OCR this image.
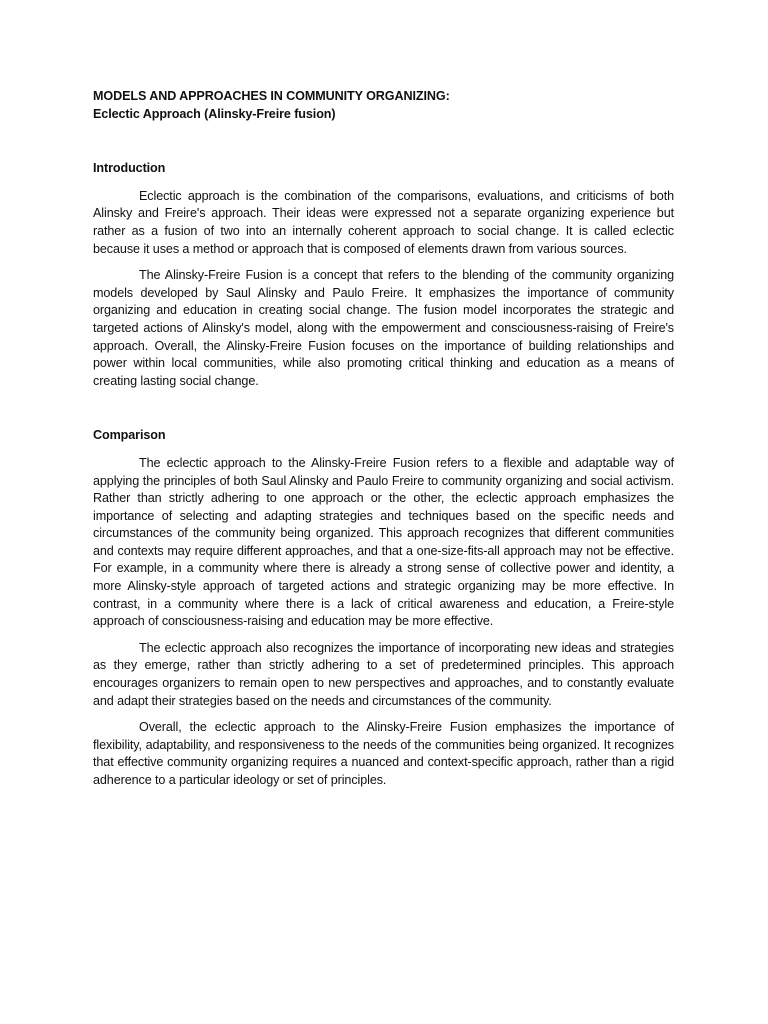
MODELS AND APPROACHES IN COMMUNITY ORGANIZING:

Eclectic Approach (Alinsky-Freire fusion)

Introduction

Eclectic approach is the combination of the comparisons, evaluations, and criticisms of both Alinsky and Freire's approach. Their ideas were expressed not a separate organizing experience but rather as a fusion of two into an internally coherent approach to social change. It is called eclectic because it uses a method or approach that is composed of elements drawn from various sources.

The Alinsky-Freire Fusion is a concept that refers to the blending of the community organizing models developed by Saul Alinsky and Paulo Freire. It emphasizes the importance of community organizing and education in creating social change. The fusion model incorporates the strategic and targeted actions of Alinsky's model, along with the empowerment and consciousness-raising of Freire's approach. Overall, the Alinsky-Freire Fusion focuses on the importance of building relationships and power within local communities, while also promoting critical thinking and education as a means of creating lasting social change.

Comparison

The eclectic approach to the Alinsky-Freire Fusion refers to a flexible and adaptable way of applying the principles of both Saul Alinsky and Paulo Freire to community organizing and social activism. Rather than strictly adhering to one approach or the other, the eclectic approach emphasizes the importance of selecting and adapting strategies and techniques based on the specific needs and circumstances of the community being organized. This approach recognizes that different communities and contexts may require different approaches, and that a one-size-fits-all approach may not be effective. For example, in a community where there is already a strong sense of collective power and identity, a more Alinsky-style approach of targeted actions and strategic organizing may be more effective. In contrast, in a community where there is a lack of critical awareness and education, a Freire-style approach of consciousness-raising and education may be more effective.

The eclectic approach also recognizes the importance of incorporating new ideas and strategies as they emerge, rather than strictly adhering to a set of predetermined principles. This approach encourages organizers to remain open to new perspectives and approaches, and to constantly evaluate and adapt their strategies based on the needs and circumstances of the community.

Overall, the eclectic approach to the Alinsky-Freire Fusion emphasizes the importance of flexibility, adaptability, and responsiveness to the needs of the communities being organized. It recognizes that effective community organizing requires a nuanced and context-specific approach, rather than a rigid adherence to a particular ideology or set of principles.
